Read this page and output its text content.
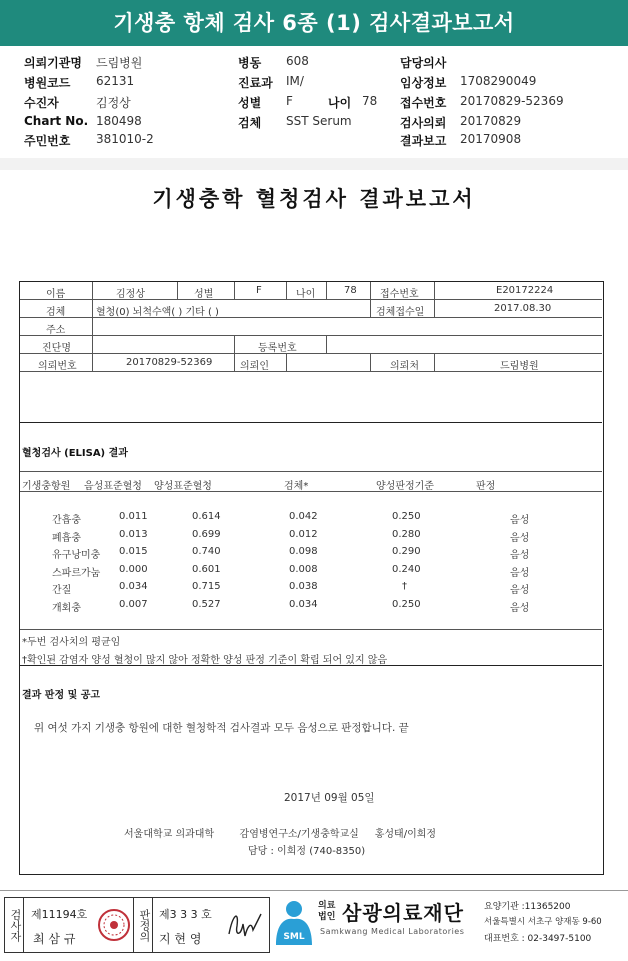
기생충 항체 검사 6종 (1) 검사결과보고서
의뢰기관명 드림병원
병원코드 62131
수진자	김정상
Chart No. 180498
주민번호 381010-2
병동 608
진료과 IM/
성별 F	나이 78
검체 SST Serum
담당의사
임상정보 1708290049
접수번호 20170829-52369
검사의뢰 20170829
결과보고 20170908
기생충학 혈청검사 결과보고서
이름	김정상	성별	F	나이	78 접수번호	E20172224
검체	혈청(0) 뇌척수액( ) 기타 ( )	검체접수일	2017.08.30
주소
진단명	등록번호
의뢰번호	20170829-52369	의뢰인	의뢰처	드림병원
혈청검사 (ELISA) 결과
기생충항원 음성표준혈청 양성표준혈청	검체*	양성판정기준	판정
간흡충	0.011	0.614	0.042	0.250	음성
폐흡충	0.013	0.699	0.012	0.280	음성
유구낭미충 0.015	0.740	0.098	0.290	음성
스파르가눔 0.000	0.601	0.008	0.240	음성
간질	0.034	0.715	0.038	†	음성
개회충	0.007	0.527	0.034	0.250	음성
*두번 검사치의 평균임
†확인된 감염자 양성 혈청이 많지 않아 정확한 양성 판정 기준이 확립 되어 있지 않음
결과 판정 및 공고
위 여섯 가지 기생충 항원에 대한 혈청학적 검사결과 모두 음성으로 판정합니다. 끝
2017년 09월 05일
서울대학교 의과대학        감염병연구소/기생충학교실     홍성태/이희정
담당 : 이희정 (740-8350)
검사자 제11194호
최 삼 규	판정의 제3 3 3 호
지 현 영	SML
의료
법인 삼광의료재단
Samkwang Medical Laboratories
요양기관 :11365200
서울특별시 서초구 양재동 9-60
대표번호 : 02-3497-5100
